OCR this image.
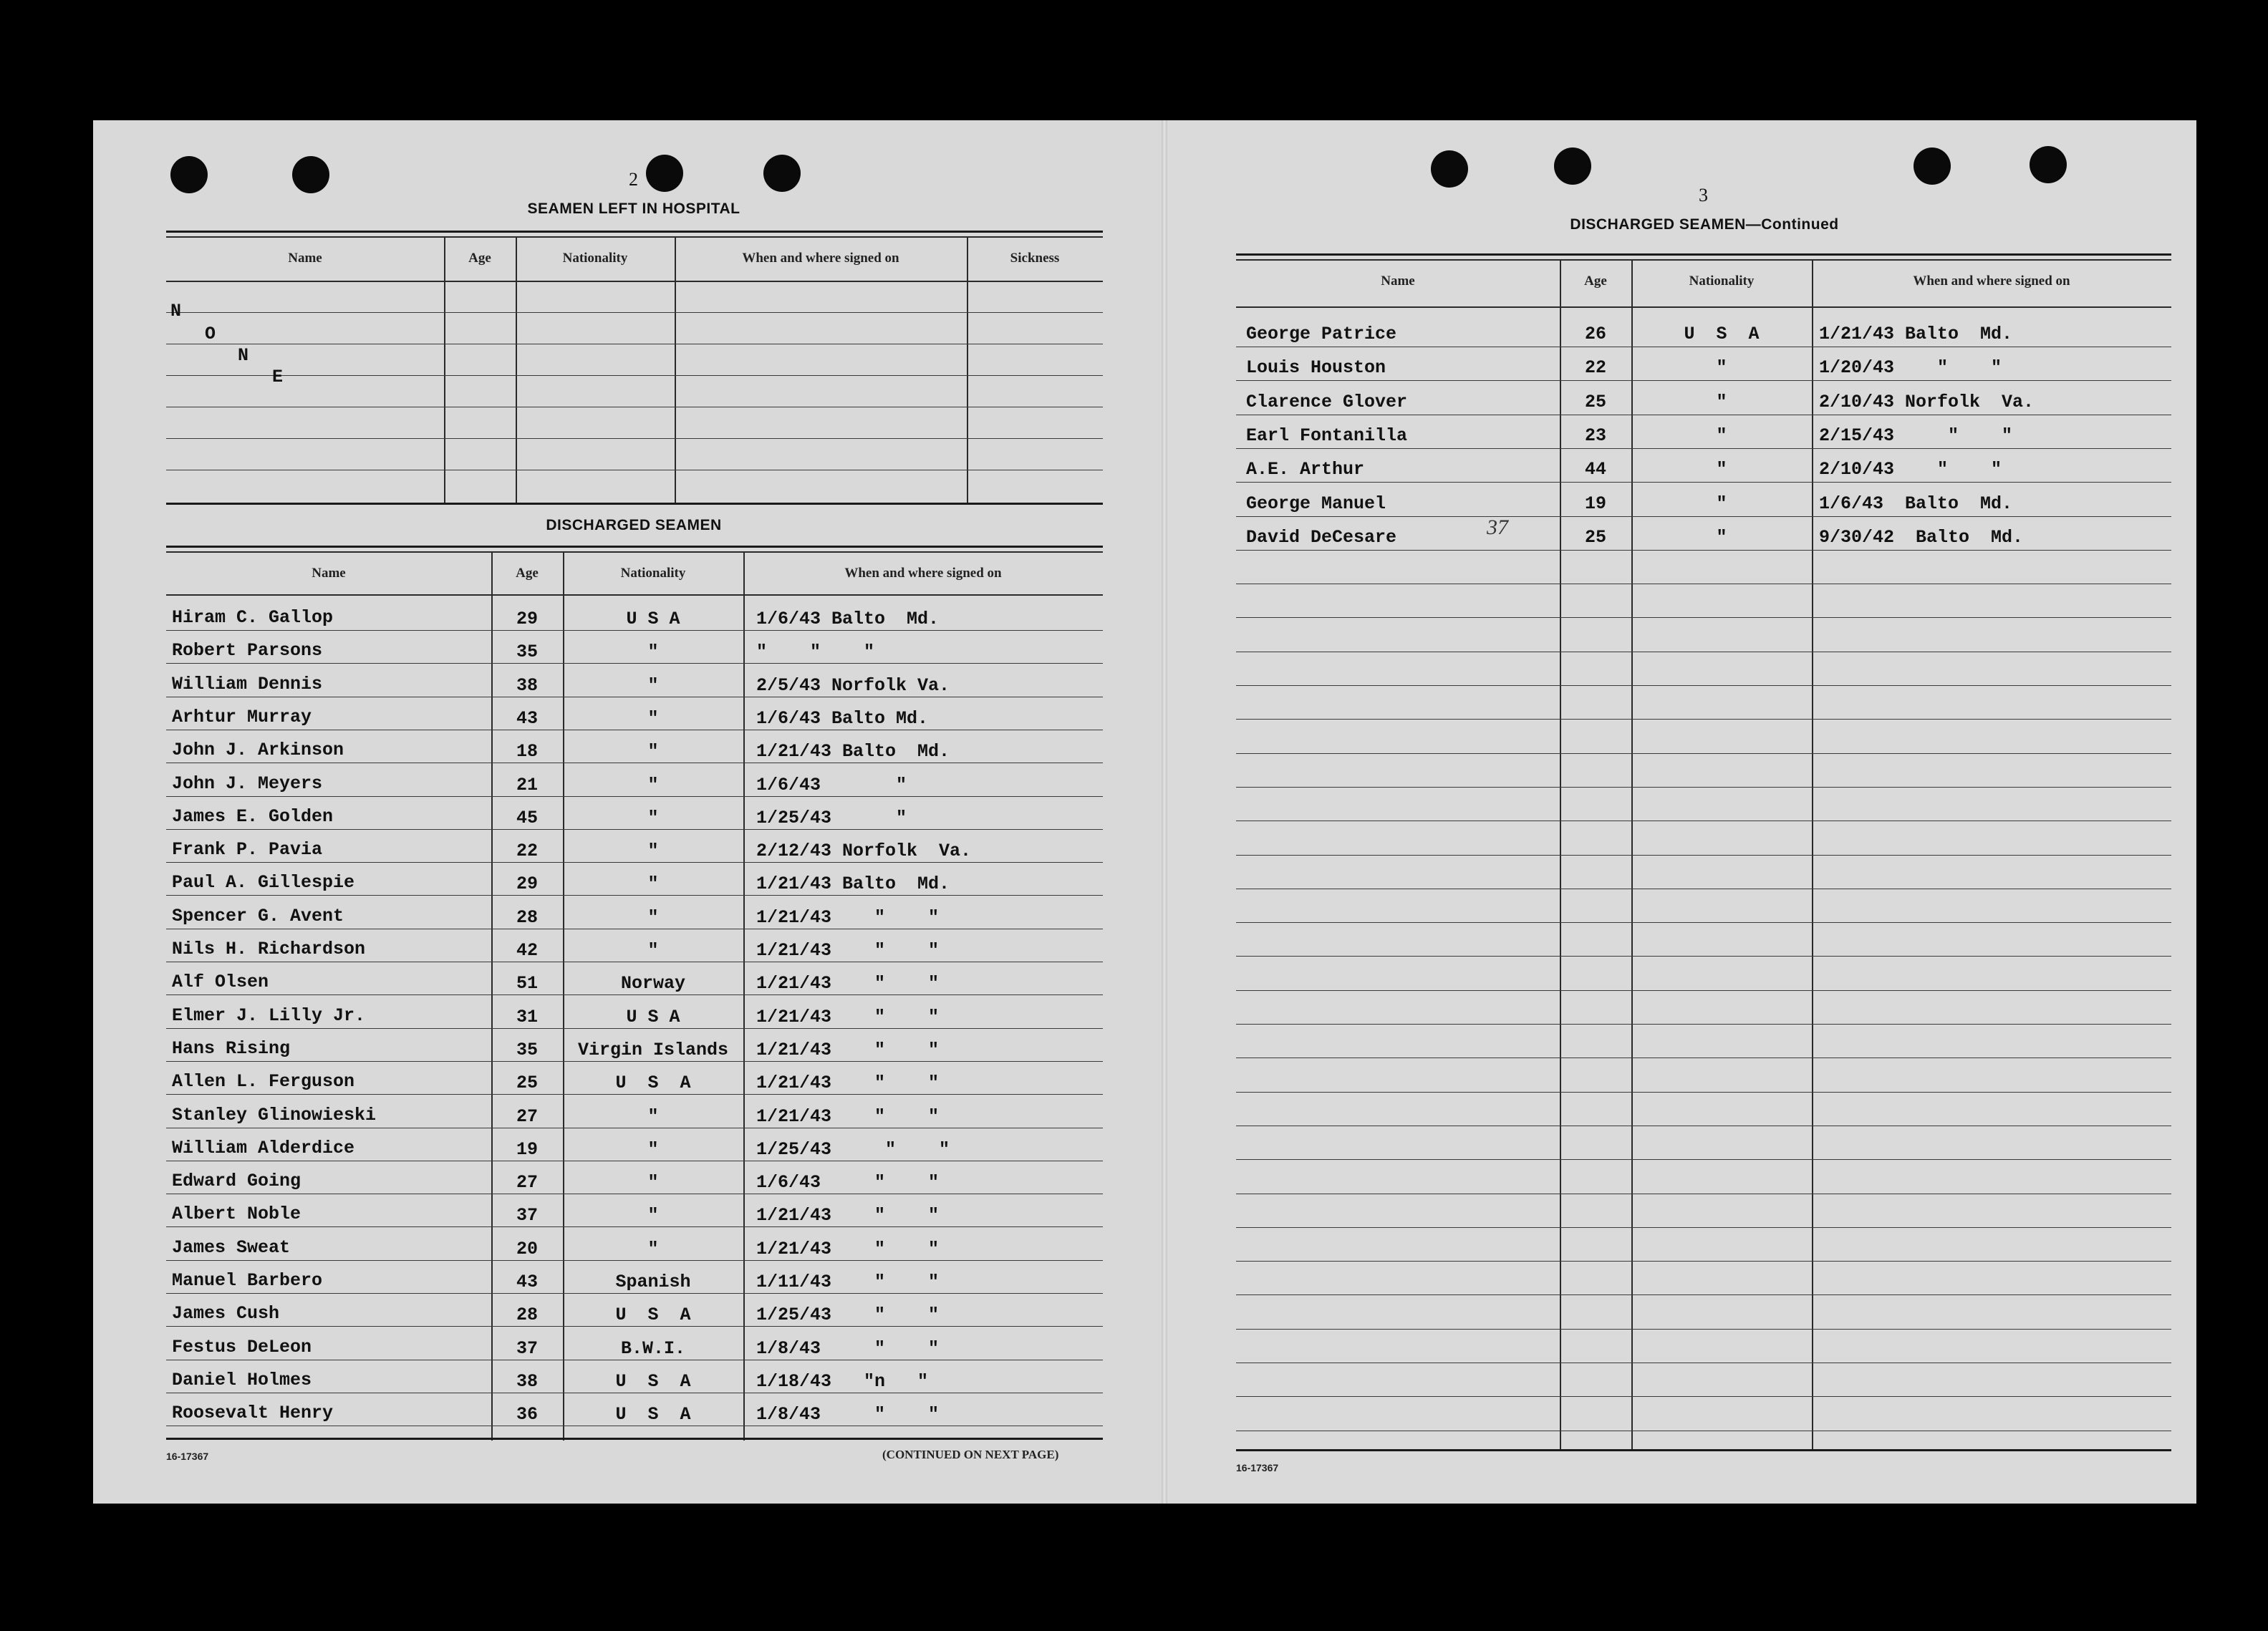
2
SEAMEN LEFT IN HOSPITAL
Name	Age	Nationality	When and where signed on	Sickness
N
O
N
E
DISCHARGED SEAMEN
Name	Age	Nationality	When and where signed on
Hiram C. Gallop	29	U S A	1/6/43 Balto  Md.
Robert Parsons	35	"	"    "    "
William Dennis	38	"	2/5/43 Norfolk Va.
Arhtur Murray	43	"	1/6/43 Balto Md.
John J. Arkinson	18	"	1/21/43 Balto  Md.
John J. Meyers	21	"	1/6/43       "
James E. Golden	45	"	1/25/43      "
Frank P. Pavia	22	"	2/12/43 Norfolk  Va.
Paul A. Gillespie	29	"	1/21/43 Balto  Md.
Spencer G. Avent	28	"	1/21/43    "    "
Nils H. Richardson	42	"	1/21/43    "    "
Alf Olsen	51	Norway	1/21/43    "    "
Elmer J. Lilly Jr.	31	U S A	1/21/43    "    "
Hans Rising	35	Virgin Islands	1/21/43    "    "
Allen L. Ferguson	25	U  S  A	1/21/43    "    "
Stanley Glinowieski	27	"	1/21/43    "    "
William Alderdice	19	"	1/25/43     "    "
Edward Going	27	"	1/6/43     "    "
Albert Noble	37	"	1/21/43    "    "
James Sweat	20	"	1/21/43    "    "
Manuel Barbero	43	Spanish	1/11/43    "    "
James Cush	28	U  S  A	1/25/43    "    "
Festus DeLeon	37	B.W.I.	1/8/43     "    "
Daniel Holmes	38	U  S  A	1/18/43   "n   "
Roosevalt Henry	36	U  S  A	1/8/43     "    "
16-17367	(CONTINUED ON NEXT PAGE)
3
DISCHARGED SEAMEN—Continued
Name	Age	Nationality	When and where signed on
George Patrice	26	U  S  A	1/21/43 Balto  Md.
Louis Houston	22	"	1/20/43    "    "
Clarence Glover	25	"	2/10/43 Norfolk  Va.
Earl Fontanilla	23	"	2/15/43     "    "
A.E. Arthur	44	"	2/10/43    "    "
George Manuel	19	"	1/6/43  Balto  Md.
David DeCesare	25	"	9/30/42  Balto  Md.
37
16-17367
